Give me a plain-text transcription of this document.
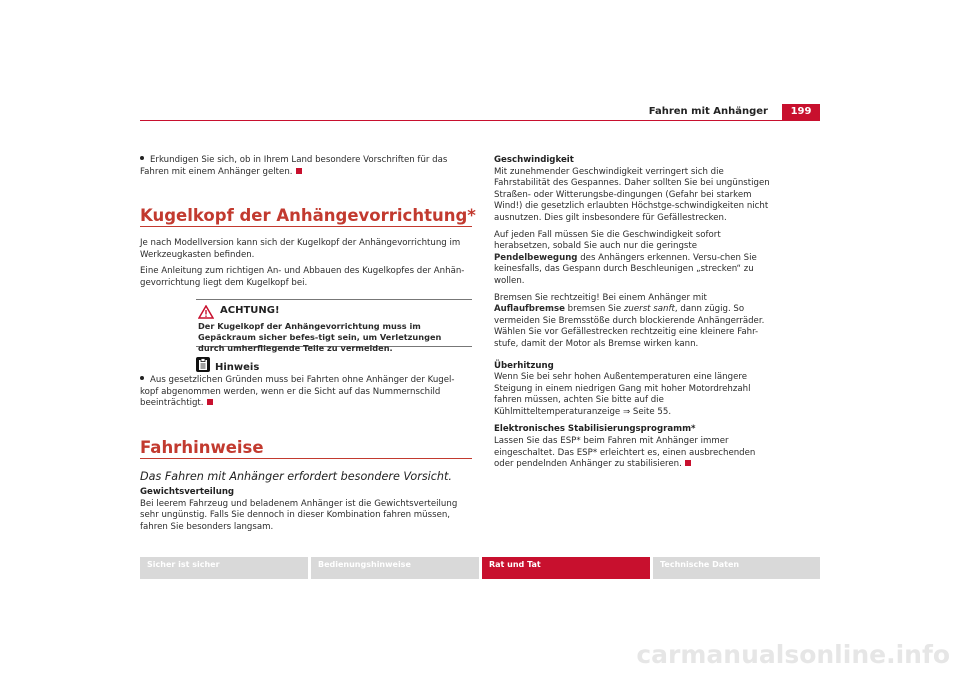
Fahren mit Anhänger	199

Erkundigen Sie sich, ob in Ihrem Land besondere Vorschriften für das Fahren mit einem Anhänger gelten.

Kugelkopf der Anhängevorrichtung*

Je nach Modellversion kann sich der Kugelkopf der Anhängevorrichtung im Werkzeugkasten befinden.

Eine Anleitung zum richtigen An- und Abbauen des Kugelkopfes der Anhän-gevorrichtung liegt dem Kugelkopf bei.

ACHTUNG!

Der Kugelkopf der Anhängevorrichtung muss im Gepäckraum sicher befes-tigt sein, um Verletzungen durch umherfliegende Teile zu vermeiden.

Hinweis

Aus gesetzlichen Gründen muss bei Fahrten ohne Anhänger der Kugel-kopf abgenommen werden, wenn er die Sicht auf das Nummernschild beeinträchtigt.

Fahrhinweise
Das Fahren mit Anhänger erfordert besondere Vorsicht.

Gewichtsverteilung

Bei leerem Fahrzeug und beladenem Anhänger ist die Gewichtsverteilung sehr ungünstig. Falls Sie dennoch in dieser Kombination fahren müssen, fahren Sie besonders langsam.

Geschwindigkeit

Mit zunehmender Geschwindigkeit verringert sich die Fahrstabilität des Gespannes. Daher sollten Sie bei ungünstigen Straßen- oder Witterungsbe-dingungen (Gefahr bei starkem Wind!) die gesetzlich erlaubten Höchstge-schwindigkeiten nicht ausnutzen. Dies gilt insbesondere für Gefällestrecken.

Auf jeden Fall müssen Sie die Geschwindigkeit sofort herabsetzen, sobald Sie auch nur die geringste Pendelbewegung des Anhängers erkennen. Versu-chen Sie keinesfalls, das Gespann durch Beschleunigen „strecken“ zu wollen.

Bremsen Sie rechtzeitig! Bei einem Anhänger mit Auflaufbremse bremsen Sie zuerst sanft, dann zügig. So vermeiden Sie Bremsstöße durch blockierende Anhängerräder. Wählen Sie vor Gefällestrecken rechtzeitig eine kleinere Fahr-stufe, damit der Motor als Bremse wirken kann.

Überhitzung

Wenn Sie bei sehr hohen Außentemperaturen eine längere Steigung in einem niedrigen Gang mit hoher Motordrehzahl fahren müssen, achten Sie bitte auf die Kühlmitteltemperaturanzeige ⇒ Seite 55.

Elektronisches Stabilisierungsprogramm*

Lassen Sie das ESP* beim Fahren mit Anhänger immer eingeschaltet. Das ESP* erleichtert es, einen ausbrechenden oder pendelnden Anhänger zu stabilisieren.

Sicher ist sicher	Bedienungshinweise	Rat und Tat	Technische Daten
carmanualsonline.info
